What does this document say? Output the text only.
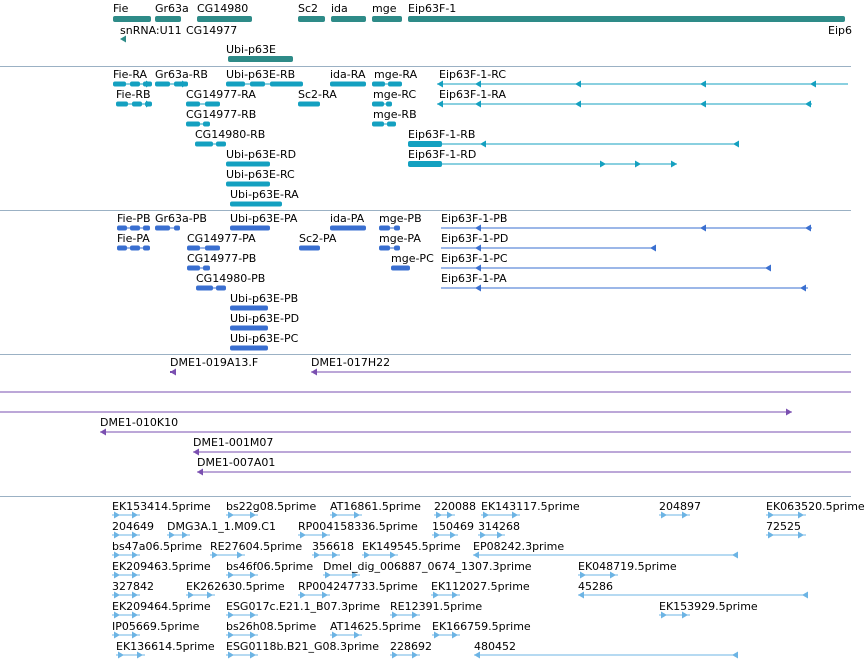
Fie Gr63a CG14980	Sc2 ida mge Eip63F-1
snRNA:U11 CG14977	Eip6
Ubi-p63E
Fie-RA Gr63a-RB Ubi-p63E-RB	ida-RA mge-RA Eip63F-1-RC
Fie-RB	CG14977-RA	Sc2-RA	mge-RC Eip63F-1-RA
CG14977-RB	mge-RB
CG14980-RB	Eip63F-1-RB
Ubi-p63E-RD	Eip63F-1-RD
Ubi-p63E-RC
Ubi-p63E-RA
Fie-PB Gr63a-PB Ubi-p63E-PA	ida-PA mge-PB Eip63F-1-PB
Fie-PA	CG14977-PA	Sc2-PA	mge-PA Eip63F-1-PD
CG14977-PB	mge-PC Eip63F-1-PC
CG14980-PB	Eip63F-1-PA
Ubi-p63E-PB
Ubi-p63E-PD
Ubi-p63E-PC
DME1-019A13.F	DME1-017H22
DME1-010K10
DME1-001M07
DME1-007A01
EK153414.5prime bs22g08.5prime AT16861.5prime 220088 EK143117.5prime	204897	EK063520.5prime
204649 DMG3A.1_1.M09.C1 RP004158336.5prime 150469 314268	72525
bs47a06.5prime RE27604.5prime 356618 EK149545.5prime EP08242.3prime
EK209463.5prime bs46f06.5prime Dmel_dig_006887_0674_1307.3prime	EK048719.5prime
327842	EK262630.5prime RP004247733.5prime EK112027.5prime	45286
EK209464.5prime ESG017c.E21.1_B07.3prime RE12391.5prime	EK153929.5prime
IP05669.5prime bs26h08.5prime AT14625.5prime EK166759.5prime
EK136614.5prime ESG0118b.B21_G08.3prime 228692	480452
